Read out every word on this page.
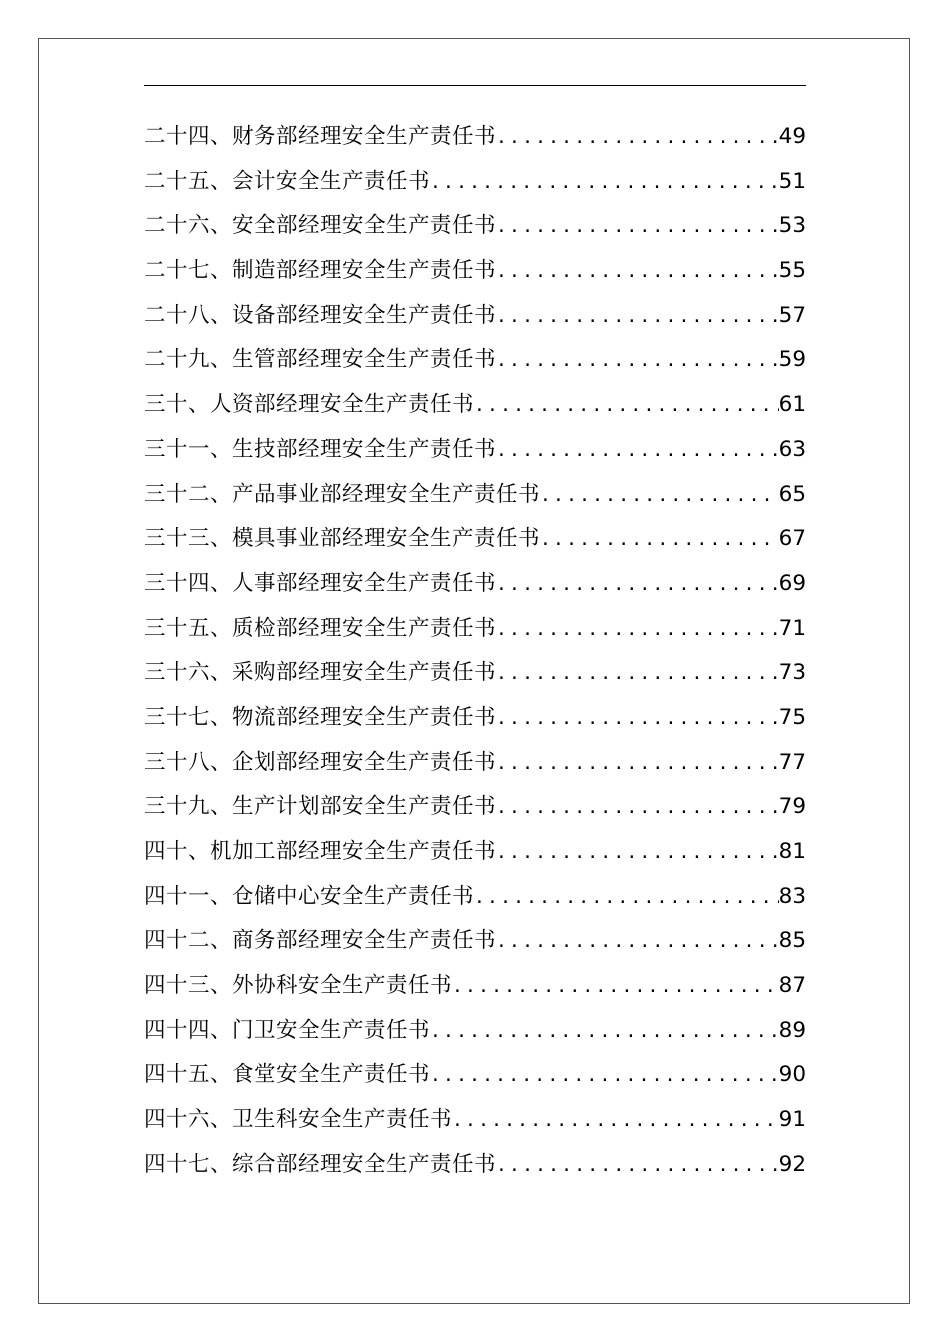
二十四、财务部经理安全生产责任书 .....	49
二十五、会计安全生产责任书 .....	51
二十六、安全部经理安全生产责任书 .....	53
二十七、制造部经理安全生产责任书 .....	55
二十八、设备部经理安全生产责任书 .....	57
二十九、生管部经理安全生产责任书 .....	59
三十、人资部经理安全生产责任书 .....	61
三十一、生技部经理安全生产责任书 .....	63
三十二、产品事业部经理安全生产责任书 .....	65
三十三、模具事业部经理安全生产责任书 .....	67
三十四、人事部经理安全生产责任书 .....	69
三十五、质检部经理安全生产责任书 .....	71
三十六、采购部经理安全生产责任书 .....	73
三十七、物流部经理安全生产责任书 .....	75
三十八、企划部经理安全生产责任书 .....	77
三十九、生产计划部安全生产责任书 .....	79
四十、机加工部经理安全生产责任书 .....	81
四十一、仓储中心安全生产责任书 .....	83
四十二、商务部经理安全生产责任书 .....	85
四十三、外协科安全生产责任书 .....	87
四十四、门卫安全生产责任书 .....	89
四十五、食堂安全生产责任书 .....	90
四十六、卫生科安全生产责任书 .....	91
四十七、综合部经理安全生产责任书 .....	92
